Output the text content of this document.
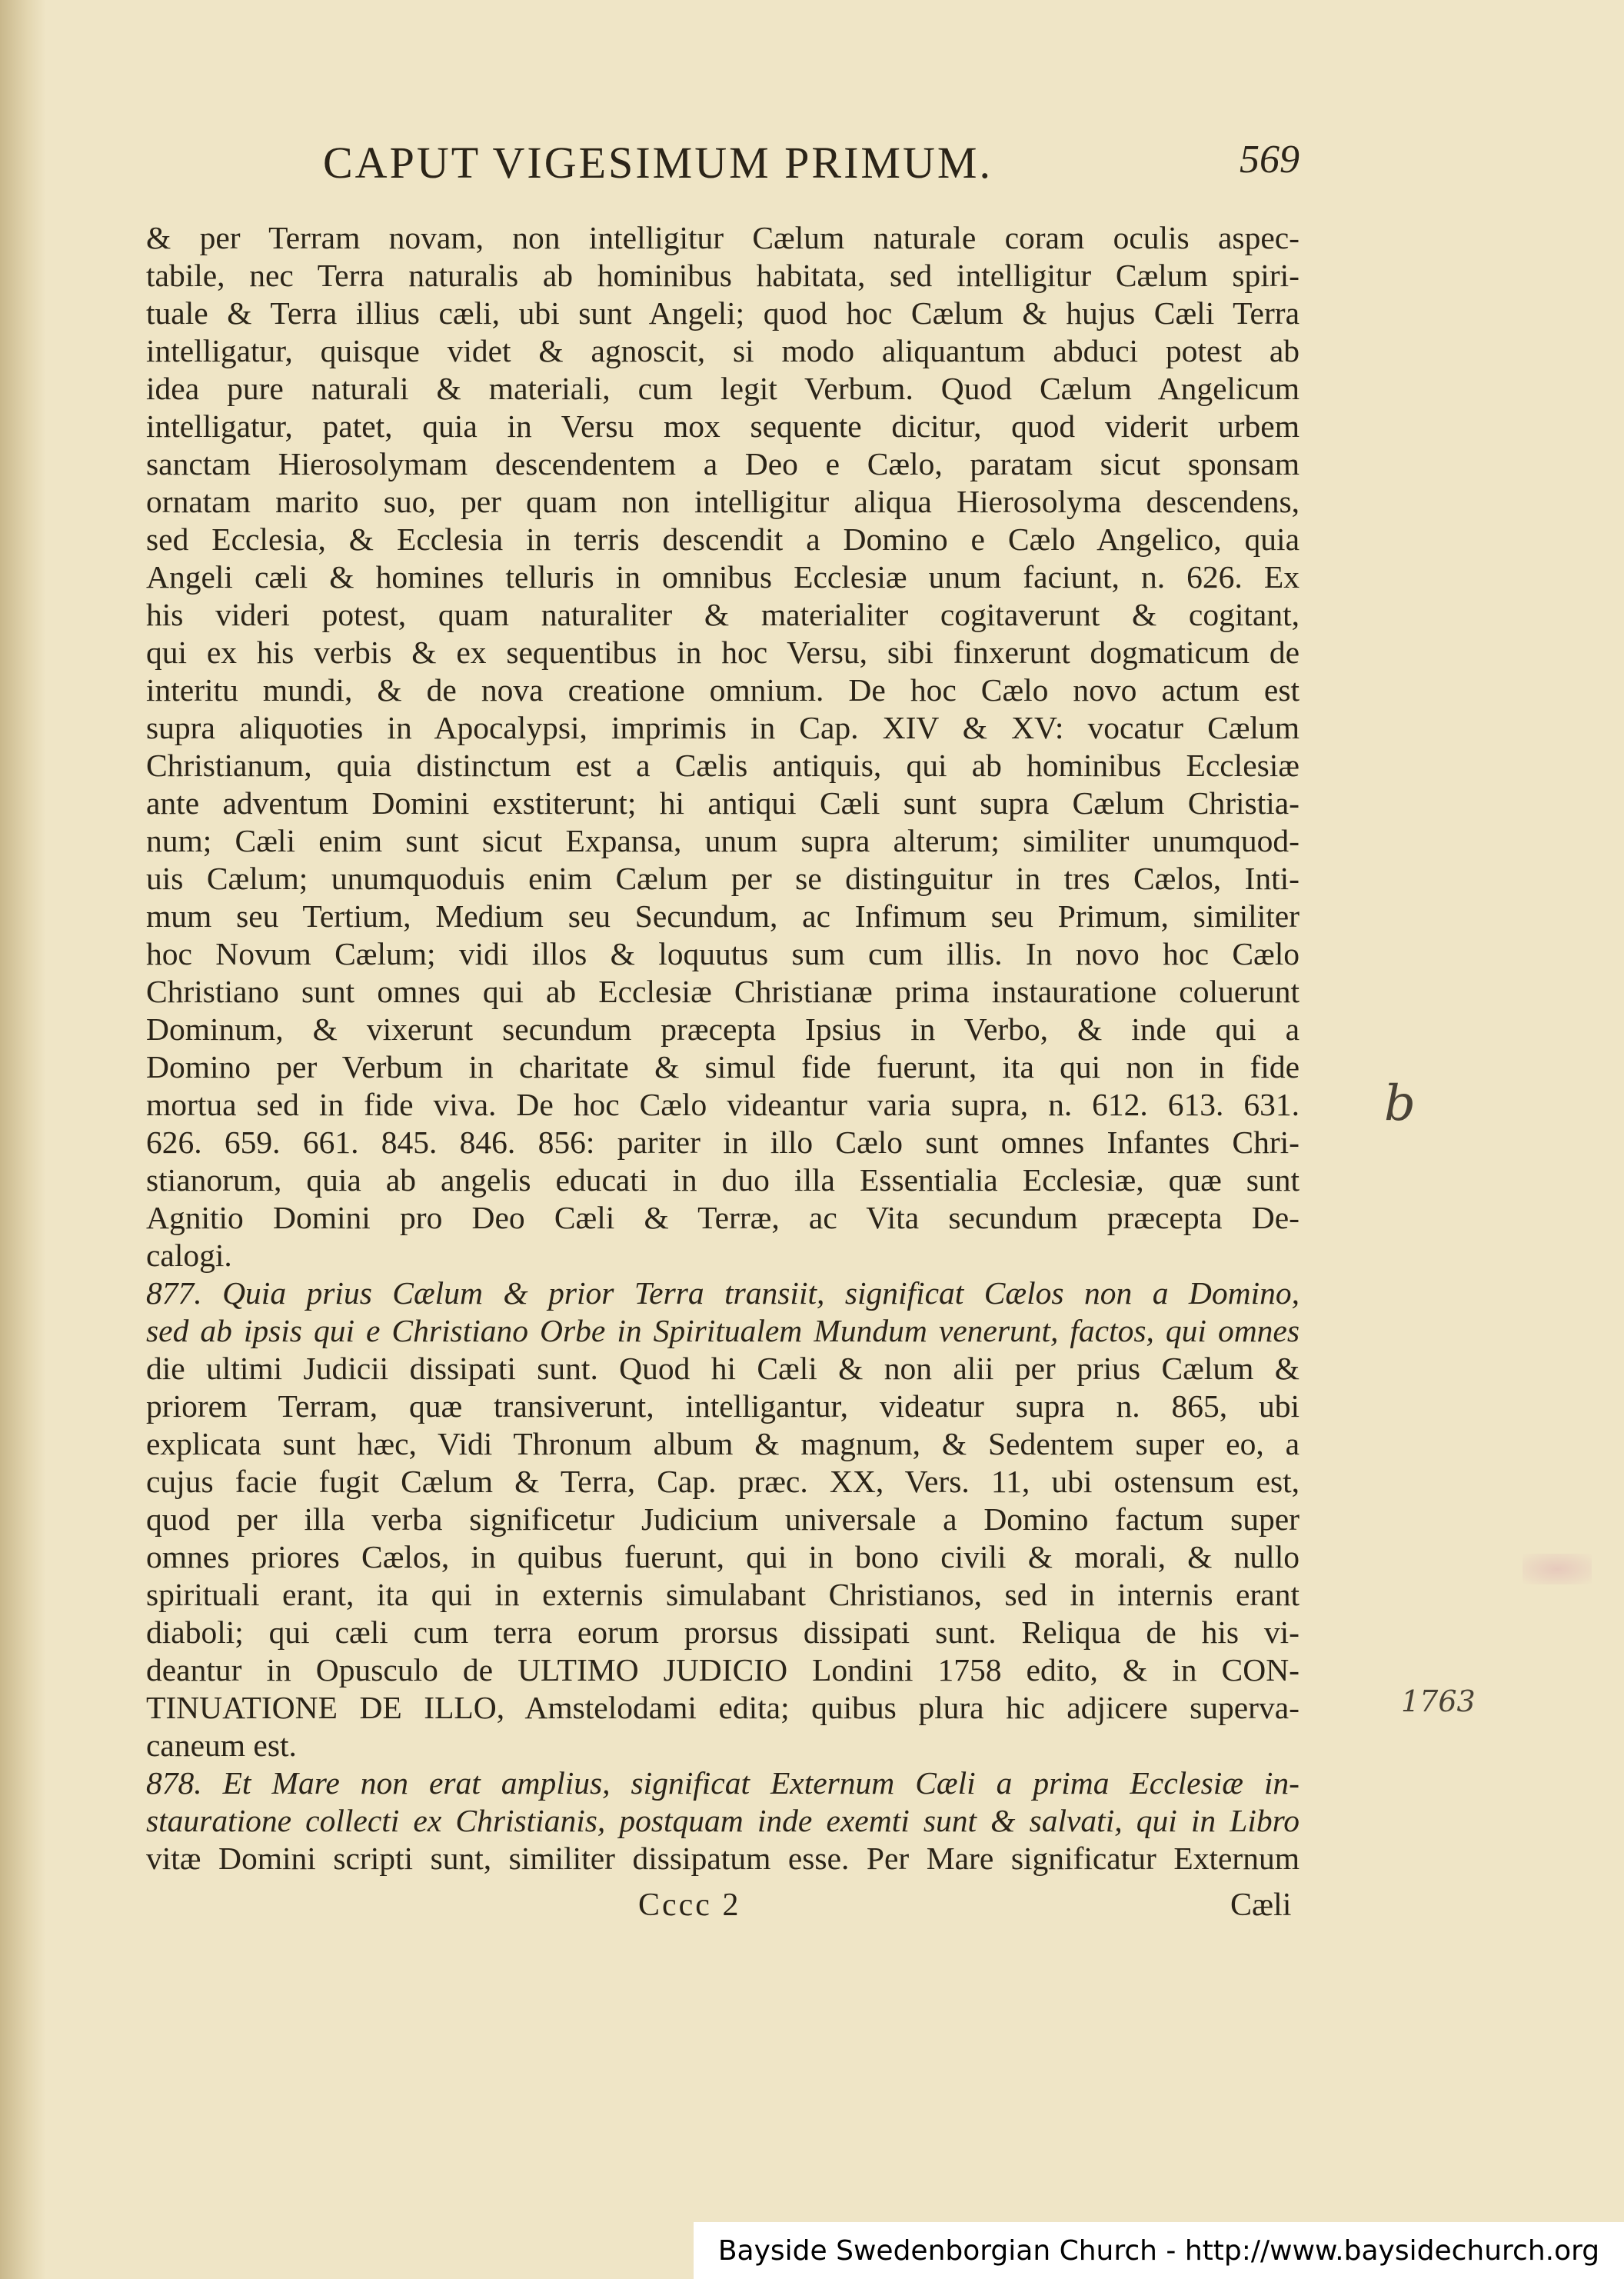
CAPUT VIGESIMUM PRIMUM.	569
& per Terram novam, non intelligitur Cælum naturale coram oculis aspec-
tabile, nec Terra naturalis ab hominibus habitata, sed intelligitur Cælum spiri-
tuale & Terra illius cæli, ubi sunt Angeli; quod hoc Cælum & hujus Cæli Terra
intelligatur, quisque videt & agnoscit, si modo aliquantum abduci potest ab
idea pure naturali & materiali, cum legit Verbum. Quod Cælum Angelicum
intelligatur, patet, quia in Versu mox sequente dicitur, quod viderit urbem
sanctam Hierosolymam descendentem a Deo e Cælo, paratam sicut sponsam
ornatam marito suo, per quam non intelligitur aliqua Hierosolyma descendens,
sed Ecclesia, & Ecclesia in terris descendit a Domino e Cælo Angelico, quia
Angeli cæli & homines telluris in omnibus Ecclesiæ unum faciunt, n. 626. Ex
his videri potest, quam naturaliter & materialiter cogitaverunt & cogitant,
qui ex his verbis & ex sequentibus in hoc Versu, sibi finxerunt dogmaticum de
interitu mundi, & de nova creatione omnium. De hoc Cælo novo actum est
supra aliquoties in Apocalypsi, imprimis in Cap. XIV & XV: vocatur Cælum
Christianum, quia distinctum est a Cælis antiquis, qui ab hominibus Ecclesiæ
ante adventum Domini exstiterunt; hi antiqui Cæli sunt supra Cælum Christia-
num; Cæli enim sunt sicut Expansa, unum supra alterum; similiter unumquod-
uis Cælum; unumquoduis enim Cælum per se distinguitur in tres Cælos, Inti-
mum seu Tertium, Medium seu Secundum, ac Infimum seu Primum, similiter
hoc Novum Cælum; vidi illos & loquutus sum cum illis. In novo hoc Cælo
Christiano sunt omnes qui ab Ecclesiæ Christianæ prima instauratione coluerunt
Dominum, & vixerunt secundum præcepta Ipsius in Verbo, & inde qui a
Domino per Verbum in charitate & simul fide fuerunt, ita qui non in fide
mortua sed in fide viva. De hoc Cælo videantur varia supra, n. 612. 613. 631.
626. 659. 661. 845. 846. 856: pariter in illo Cælo sunt omnes Infantes Chri-
stianorum, quia ab angelis educati in duo illa Essentialia Ecclesiæ, quæ sunt
Agnitio Domini pro Deo Cæli & Terræ, ac Vita secundum præcepta De-
calogi.
877. Quia prius Cælum & prior Terra transiit, significat Cælos non a Domino,
sed ab ipsis qui e Christiano Orbe in Spiritualem Mundum venerunt, factos, qui omnes
die ultimi Judicii dissipati sunt. Quod hi Cæli & non alii per prius Cælum &
priorem Terram, quæ transiverunt, intelligantur, videatur supra n. 865, ubi
explicata sunt hæc, Vidi Thronum album & magnum, & Sedentem super eo, a
cujus facie fugit Cælum & Terra, Cap. præc. XX, Vers. 11, ubi ostensum est,
quod per illa verba significetur Judicium universale a Domino factum super
omnes priores Cælos, in quibus fuerunt, qui in bono civili & morali, & nullo
spirituali erant, ita qui in externis simulabant Christianos, sed in internis erant
diaboli; qui cæli cum terra eorum prorsus dissipati sunt. Reliqua de his vi-
deantur in Opusculo de ULTIMO JUDICIO Londini 1758 edito, & in CON-
TINUATIONE DE ILLO, Amstelodami edita; quibus plura hic adjicere superva-
caneum est.
878. Et Mare non erat amplius, significat Externum Cæli a prima Ecclesiæ in-
stauratione collecti ex Christianis, postquam inde exemti sunt & salvati, qui in Libro
vitæ Domini scripti sunt, similiter dissipatum esse. Per Mare significatur Externum
Cccc 2	Cæli
b
1763
Bayside Swedenborgian Church - http://www.baysidechurch.org
